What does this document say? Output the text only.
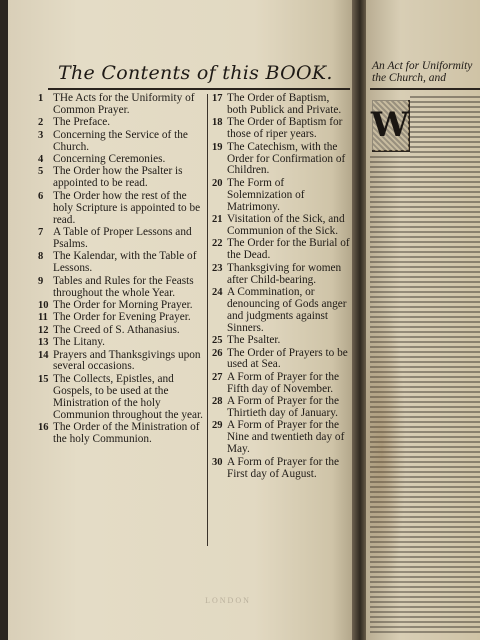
The Contents of this BOOK.
1 THe Acts for the Uniformity of Common Prayer.
2 The Preface.
3 Concerning the Service of the Church.
4 Concerning Ceremonies.
5 The Order how the Psalter is appointed to be read.
6 The Order how the rest of the holy Scripture is appointed to be read.
7 A Table of Proper Lessons and Psalms.
8 The Kalendar, with the Table of Lessons.
9 Tables and Rules for the Feasts throughout the whole Year.
10 The Order for Morning Prayer.
11 The Order for Evening Prayer.
12 The Creed of S. Athanasius.
13 The Litany.
14 Prayers and Thanksgivings upon several occasions.
15 The Collects, Epistles, and Gospels, to be used at the Ministration of the holy Communion throughout the year.
16 The Order of the Ministration of the holy Communion.
17 The Order of Baptism, both Publick and Private.
18 The Order of Baptism for those of riper years.
19 The Catechism, with the Order for Confirmation of Children.
20 The Form of Solemnization of Matrimony.
21 Visitation of the Sick, and Communion of the Sick.
22 The Order for the Burial of the Dead.
23 Thanksgiving for women after Child-bearing.
24 A Commination, or denouncing of Gods anger and judgments against Sinners.
25 The Psalter.
26 The Order of Prayers to be used at Sea.
27 A Form of Prayer for the Fifth day of November.
28 A Form of Prayer for the Thirtieth day of January.
29 A Form of Prayer for the Nine and twentieth day of May.
30 A Form of Prayer for the First day of August.
LONDON
An Act for Uniformity the Church, and
W
